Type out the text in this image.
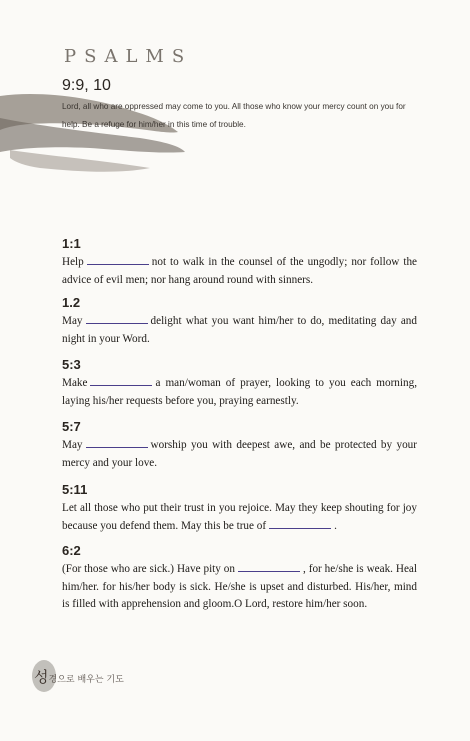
PSALMS
9:9, 10
Lord, all who are oppressed may come to you. All those who know your mercy count on you for help. Be a refuge for him/her in this time of trouble.
1:1
Help	not to walk in the counsel of the ungodly; nor follow the advice of evil men; nor hang around round with sinners.
1.2
May	delight what you want him/her to do, meditating day and night in your Word.
5:3
Make	a man/woman of prayer, looking to you each morning, laying his/her requests before you, praying earnestly.
5:7
May	worship you with deepest awe, and be protected by your mercy and your love.
5:11
Let all those who put their trust in you rejoice. May they keep shouting for joy because you defend them. May this be true of	.
6:2
(For those who are sick.) Have pity on	, for he/she is weak. Heal him/her. for his/her body is sick. He/she is upset and disturbed. His/her, mind is filled with apprehension and gloom.O Lord, restore him/her soon.
성경으로 배우는 기도
